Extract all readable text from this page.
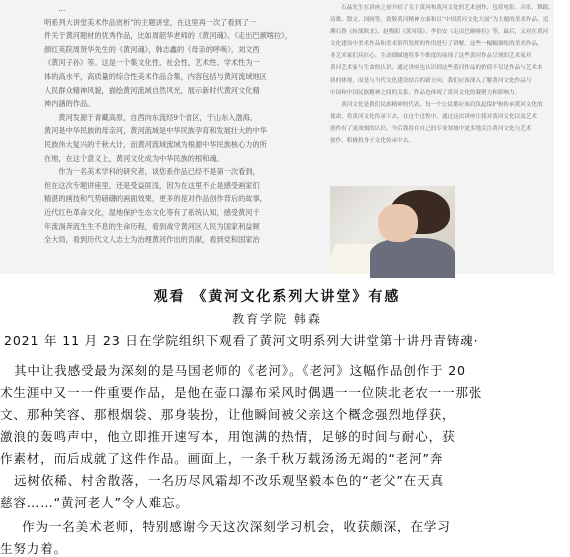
...

明系列大讲堂美术作品赏析”的主题讲堂，在这里再一次了看到了一

件关于黄河题材的优秀作品，比如周韶华老师的《黄河魂》、《走出巴颜喀拉》，

颜红英院周贤华先生的《黄河魂》，韩志鑫的《母亲的呼唤》，刘文西

《黄河子孙》等。这是一个集文化性、社会性、艺术性、学术性为一

体的高水平，高质量的综合性美术作品合集，内容包括与黄河流域地区

人民群众精神风貌，描绘黄河流域自然风光，展示新时代黄河文化精

神内涵的作品。

黄河发源于青藏高原，自西向东流经9个省区，于山东入渤海。

黄河是中华民族的母亲河，黄河流域是中华民族孕育和发展壮大的中华

民族伟大复兴的千秋大计，而黄河流域流域为根源中华民族核心力的所

在地，在这个意义上，黄河文化成为中华民族的根和魂。

作为一名美术学科的研究者，谈您系作品已经不是第一次看到，

但在这次专题讲座里，还是受益匪浅，因为在这里不止是感受画家们

精湛的画技和气势磅礴的画面效果，更多的是对作品创作背后的故事，

近代红色革命文化，湿地保护生态文化等有了系统认知，感受黄河千

年流淌奔流生生不息的生命历程，看到战守黄河区人民为国家利益顾

全大局，看到历代文人志士为治理黄河作出的贡献，看到党和国家治

石晶先生在讲座之初介绍了关于黄河和黄河文化的艺术创作，包括电影、音乐、舞蹈、

诗歌、散文、国画等，致敬黄河精神方面和以“中国黄河文化大展”为主题的美术作品，追

溯石鲁《转战陕北》、赵梅阳《黄河谣》、李伯安《走出巴颜喀拉》等，最后，又对在黄河

文化建设中美术作品和美术馆所发挥的作用进行了讲解，这些一幅幅描绘的美术作品，

非艺术家们具匠心、生动细腻地将多个维度的展现了这些黄河作品呈现的艺术家对

黄河艺术家与生命的认识，通过讲座也认识到这些黄河作品的价值不仅是作品与艺术本

质的体现，而是与当代文化建设结合的新方向，我们应该深入了解黄河文化作品与

中国和中国民族精神之间的关系，作品也体现了黄河文化的凝聚力和影响力。

黄河文化是我们民族精神的代表，每一个公民都应该肩负起保护和传承黄河文化的

使命，将黄河文化传承下去，在这个过程中，通过这次讲座让我对黄河文化以及艺术

创作有了更深刻的认识，今后我将在自己的专业领域中更多地关注黄河文化与艺术

创作，积极投身于文化传承中去。

观看 《黄河文化系列大讲堂》有感
教育学院 韩森
2021 年 11 月 23 日在学院组织下观看了黄河文明系列大讲堂第十讲丹青铸魂·
其中让我感受最为深刻的是马国老师的《老河》。《老河》这幅作品创作于 20
术生涯中又一一件重要作品，是他在壶口瀑布采风时偶遇一一位陕北老农一一那张
文、那种笑容、那根烟袋、那身装扮，让他瞬间被父亲这个概念强烈地俘获，
激浪的轰鸣声中，他立即推开速写本，用饱满的热情，足够的时间与耐心，获
作素材，而后成就了这件作品。画面上，一条千秋万载汤汤无竭的“老河”奔
远树依稀、村舍散落，一名历尽风霜却不改乐观坚毅本色的“老父”在天真
慈容……“黄河老人”令人难忘。
作为一名美术老师，特别感谢今天这次深刻学习机会，收获颇深，在学习
生努力着。
